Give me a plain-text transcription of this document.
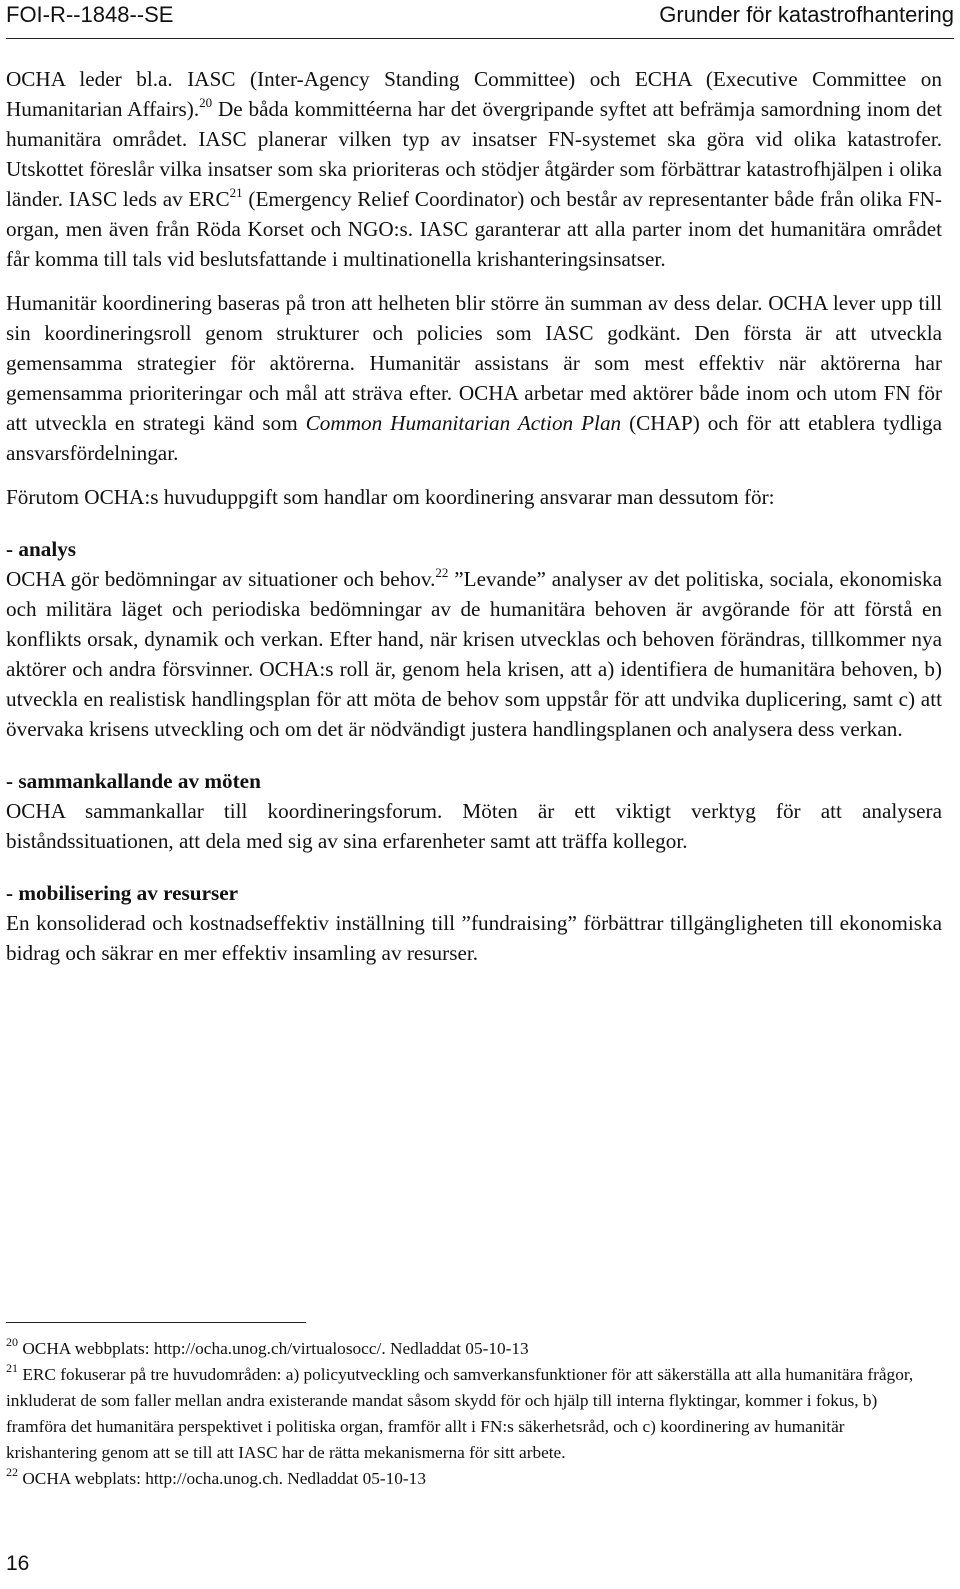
FOI-R--1848--SE	Grunder för katastrofhantering

OCHA leder bl.a. IASC (Inter-Agency Standing Committee) och ECHA (Executive Committee on Humanitarian Affairs).$^{20}$ De båda kommittéerna har det övergripande syftet att befrämja samordning inom det humanitära området. IASC planerar vilken typ av insatser FN-systemet ska göra vid olika katastrofer. Utskottet föreslår vilka insatser som ska prioriteras och stödjer åtgärder som förbättrar katastrofhjälpen i olika länder. IASC leds av ERC$^{21}$ (Emergency Relief Coordinator) och består av representanter både från olika FN-organ, men även från Röda Korset och NGO:s. IASC garanterar att alla parter inom det humanitära området får komma till tals vid beslutsfattande i multinationella krishanteringsinsatser.

Humanitär koordinering baseras på tron att helheten blir större än summan av dess delar. OCHA lever upp till sin koordineringsroll genom strukturer och policies som IASC godkänt. Den första är att utveckla gemensamma strategier för aktörerna. Humanitär assistans är som mest effektiv när aktörerna har gemensamma prioriteringar och mål att sträva efter. OCHA arbetar med aktörer både inom och utom FN för att utveckla en strategi känd som Common Humanitarian Action Plan (CHAP) och för att etablera tydliga ansvarsfördelningar.

Förutom OCHA:s huvuduppgift som handlar om koordinering ansvarar man dessutom för:

- analys
OCHA gör bedömningar av situationer och behov.$^{22}$ ”Levande” analyser av det politiska, sociala, ekonomiska och militära läget och periodiska bedömningar av de humanitära behoven är avgörande för att förstå en konflikts orsak, dynamik och verkan. Efter hand, när krisen utvecklas och behoven förändras, tillkommer nya aktörer och andra försvinner. OCHA:s roll är, genom hela krisen, att a) identifiera de humanitära behoven, b) utveckla en realistisk handlingsplan för att möta de behov som uppstår för att undvika duplicering, samt c) att övervaka krisens utveckling och om det är nödvändigt justera handlingsplanen och analysera dess verkan.

- sammankallande av möten
OCHA sammankallar till koordineringsforum. Möten är ett viktigt verktyg för att analysera biståndssituationen, att dela med sig av sina erfarenheter samt att träffa kollegor.

- mobilisering av resurser
En konsoliderad och kostnadseffektiv inställning till ”fundraising” förbättrar tillgängligheten till ekonomiska bidrag och säkrar en mer effektiv insamling av resurser.

$^{20}$ OCHA webbplats: http://ocha.unog.ch/virtualosocc/. Nedladdat 05-10-13

$^{21}$ ERC fokuserar på tre huvudområden: a) policyutveckling och samverkansfunktioner för att säkerställa att alla humanitära frågor, inkluderat de som faller mellan andra existerande mandat såsom skydd för och hjälp till interna flyktingar, kommer i fokus, b) framföra det humanitära perspektivet i politiska organ, framför allt i FN:s säkerhetsråd, och c) koordinering av humanitär krishantering genom att se till att IASC har de rätta mekanismerna för sitt arbete.

$^{22}$ OCHA webplats: http://ocha.unog.ch. Nedladdat 05-10-13

16
